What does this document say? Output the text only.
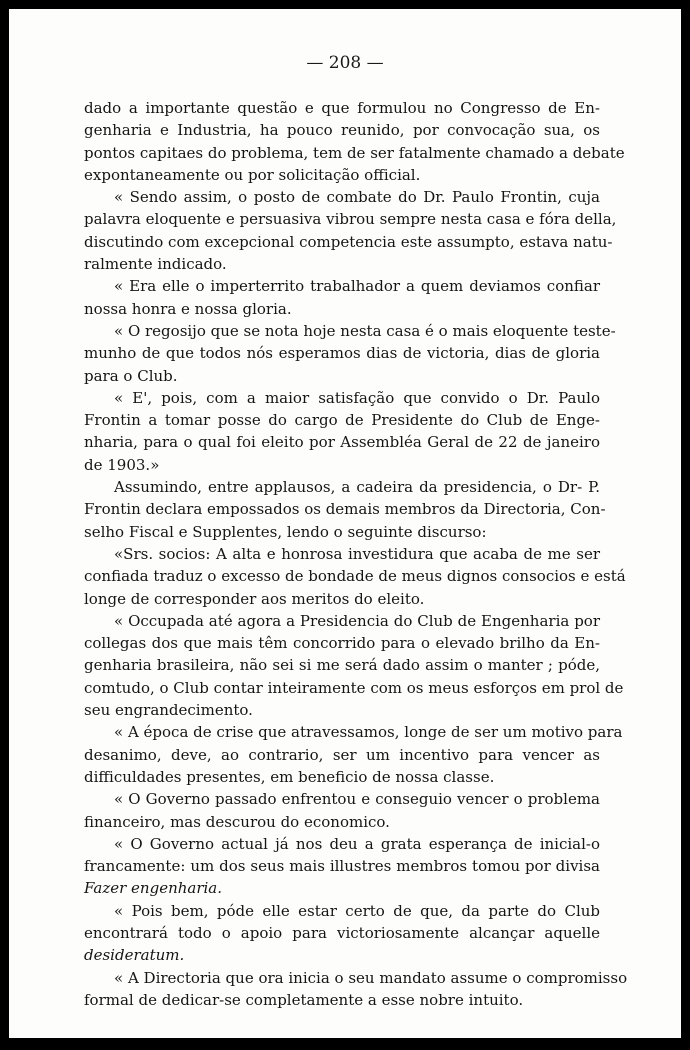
— 208 —

dado a importante questão e que formulou no Congresso de En-
genharia e Industria, ha pouco reunido, por convocação sua, os
pontos capitaes do problema, tem de ser fatalmente chamado a debate
expontaneamente ou por solicitação official.

« Sendo assim, o posto de combate do Dr. Paulo Frontin, cuja
palavra eloquente e persuasiva vibrou sempre nesta casa e fóra della,
discutindo com excepcional competencia este assumpto, estava natu-
ralmente indicado.

« Era elle o imperterrito trabalhador a quem deviamos confiar
nossa honra e nossa gloria.

« O regosijo que se nota hoje nesta casa é o mais eloquente teste-
munho de que todos nós esperamos dias de victoria, dias de gloria
para o Club.

« E', pois, com a maior satisfação que convido o Dr. Paulo
Frontin a tomar posse do cargo de Presidente do Club de Enge-
nharia, para o qual foi eleito por Assembléa Geral de 22 de janeiro
de 1903.»

Assumindo, entre applausos, a cadeira da presidencia, o Dr- P.
Frontin declara empossados os demais membros da Directoria, Con-
selho Fiscal e Supplentes, lendo o seguinte discurso:

«Srs. socios: A alta e honrosa investidura que acaba de me ser
confiada traduz o excesso de bondade de meus dignos consocios e está
longe de corresponder aos meritos do eleito.

« Occupada até agora a Presidencia do Club de Engenharia por
collegas dos que mais têm concorrido para o elevado brilho da En-
genharia brasileira, não sei si me será dado assim o manter ; póde,
comtudo, o Club contar inteiramente com os meus esforços em prol de
seu engrandecimento.

« A época de crise que atravessamos, longe de ser um motivo para
desanimo, deve, ao contrario, ser um incentivo para vencer as
difficuldades presentes, em beneficio de nossa classe.

« O Governo passado enfrentou e conseguio vencer o problema
financeiro, mas descurou do economico.

« O Governo actual já nos deu a grata esperança de inicial-o
francamente: um dos seus mais illustres membros tomou por divisa
Fazer engenharia.

« Pois bem, póde elle estar certo de que, da parte do Club
encontrará todo o apoio para victoriosamente alcançar aquelle
desideratum.

« A Directoria que ora inicia o seu mandato assume o compromisso
formal de dedicar-se completamente a esse nobre intuito.
